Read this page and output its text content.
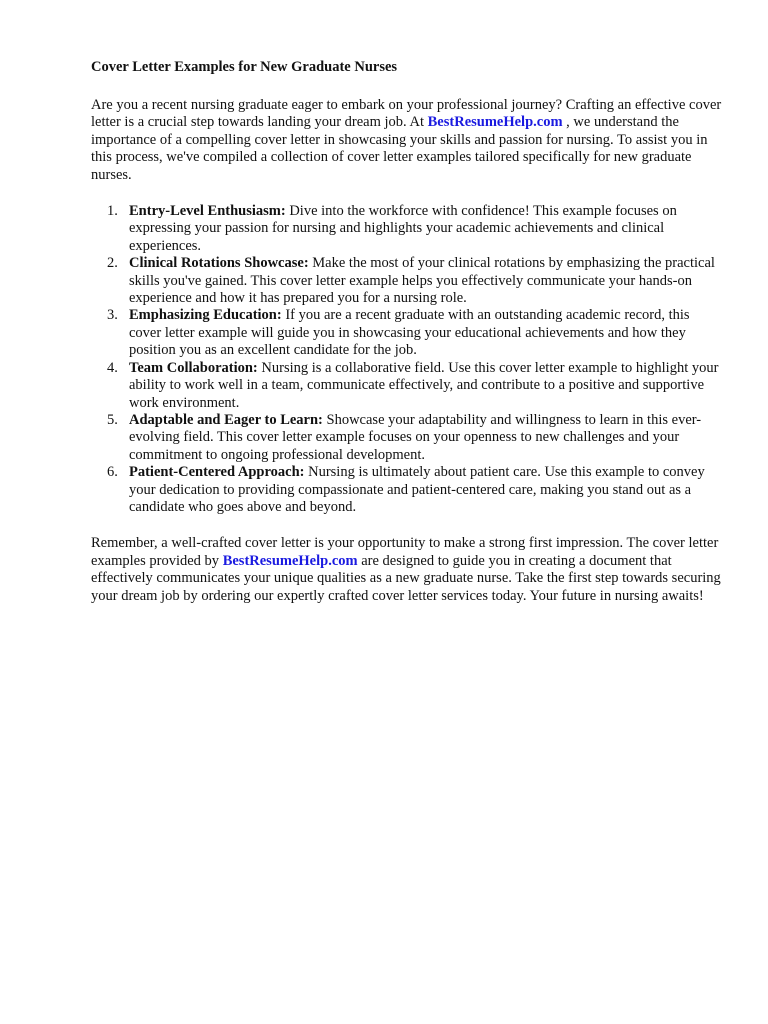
Cover Letter Examples for New Graduate Nurses

Are you a recent nursing graduate eager to embark on your professional journey? Crafting an effective cover letter is a crucial step towards landing your dream job. At BestResumeHelp.com , we understand the importance of a compelling cover letter in showcasing your skills and passion for nursing. To assist you in this process, we've compiled a collection of cover letter examples tailored specifically for new graduate nurses.

1. Entry-Level Enthusiasm: Dive into the workforce with confidence! This example focuses on expressing your passion for nursing and highlights your academic achievements and clinical experiences.
2. Clinical Rotations Showcase: Make the most of your clinical rotations by emphasizing the practical skills you've gained. This cover letter example helps you effectively communicate your hands-on experience and how it has prepared you for a nursing role.
3. Emphasizing Education: If you are a recent graduate with an outstanding academic record, this cover letter example will guide you in showcasing your educational achievements and how they position you as an excellent candidate for the job.
4. Team Collaboration: Nursing is a collaborative field. Use this cover letter example to highlight your ability to work well in a team, communicate effectively, and contribute to a positive and supportive work environment.
5. Adaptable and Eager to Learn: Showcase your adaptability and willingness to learn in this ever-evolving field. This cover letter example focuses on your openness to new challenges and your commitment to ongoing professional development.
6. Patient-Centered Approach: Nursing is ultimately about patient care. Use this example to convey your dedication to providing compassionate and patient-centered care, making you stand out as a candidate who goes above and beyond.

Remember, a well-crafted cover letter is your opportunity to make a strong first impression. The cover letter examples provided by BestResumeHelp.com are designed to guide you in creating a document that effectively communicates your unique qualities as a new graduate nurse. Take the first step towards securing your dream job by ordering our expertly crafted cover letter services today. Your future in nursing awaits!
